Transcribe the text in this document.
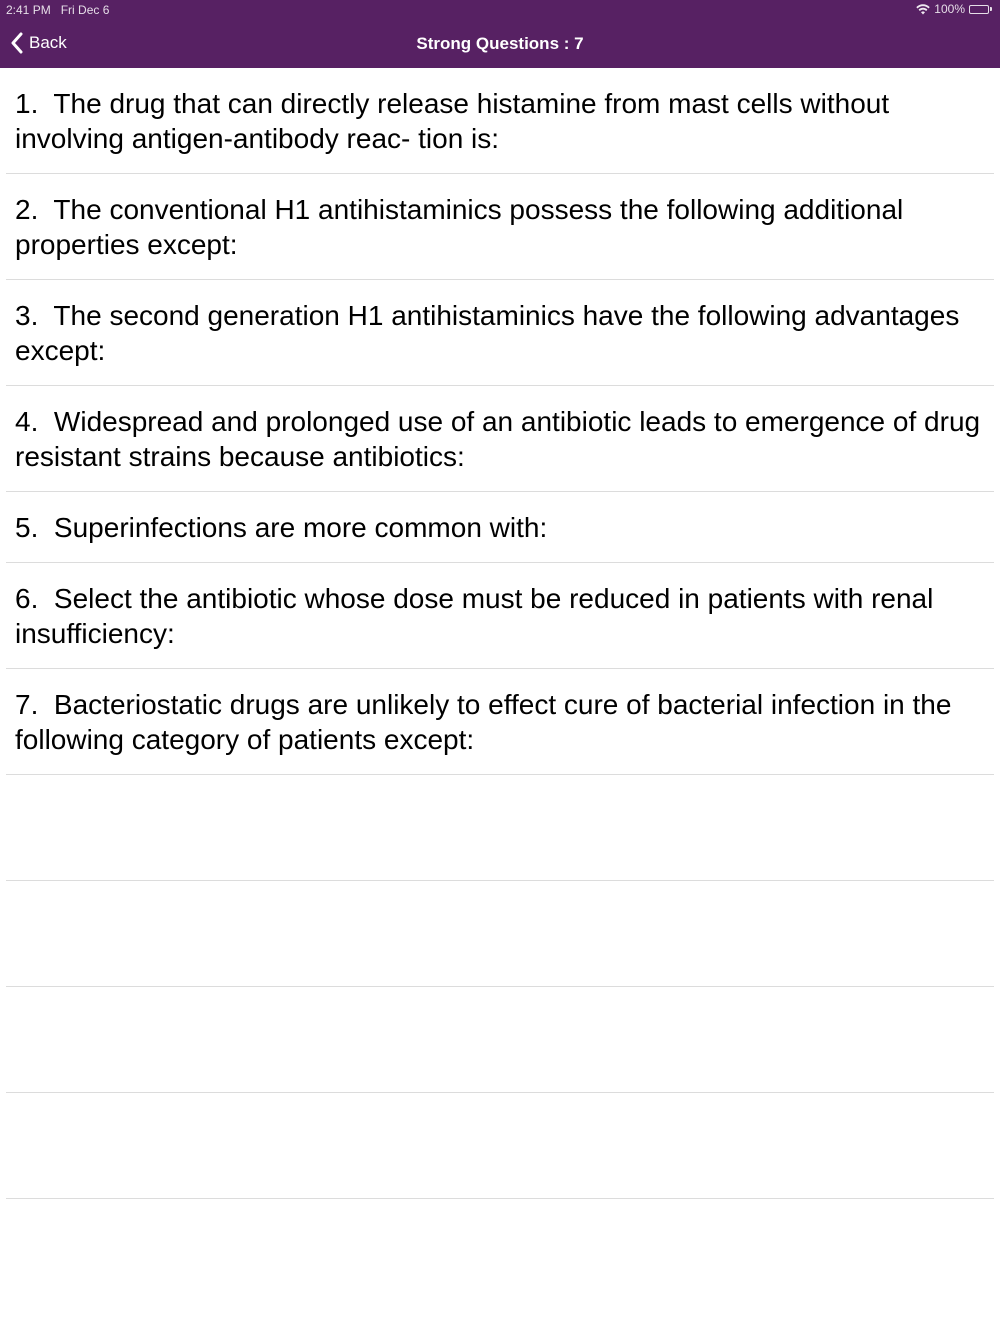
2:41 PM Fri Dec 6	100%
Back	Strong Questions : 7
1. The drug that can directly release histamine from mast cells without involving antigen-antibody reac- tion is:
2. The conventional H1 antihistaminics possess the following additional properties except:
3. The second generation H1 antihistaminics have the following advantages except:
4. Widespread and prolonged use of an antibiotic leads to emergence of drug resistant strains because antibiotics:
5. Superinfections are more common with:
6. Select the antibiotic whose dose must be reduced in patients with renal insufficiency:
7. Bacteriostatic drugs are unlikely to effect cure of bacterial infection in the following category of patients except:
